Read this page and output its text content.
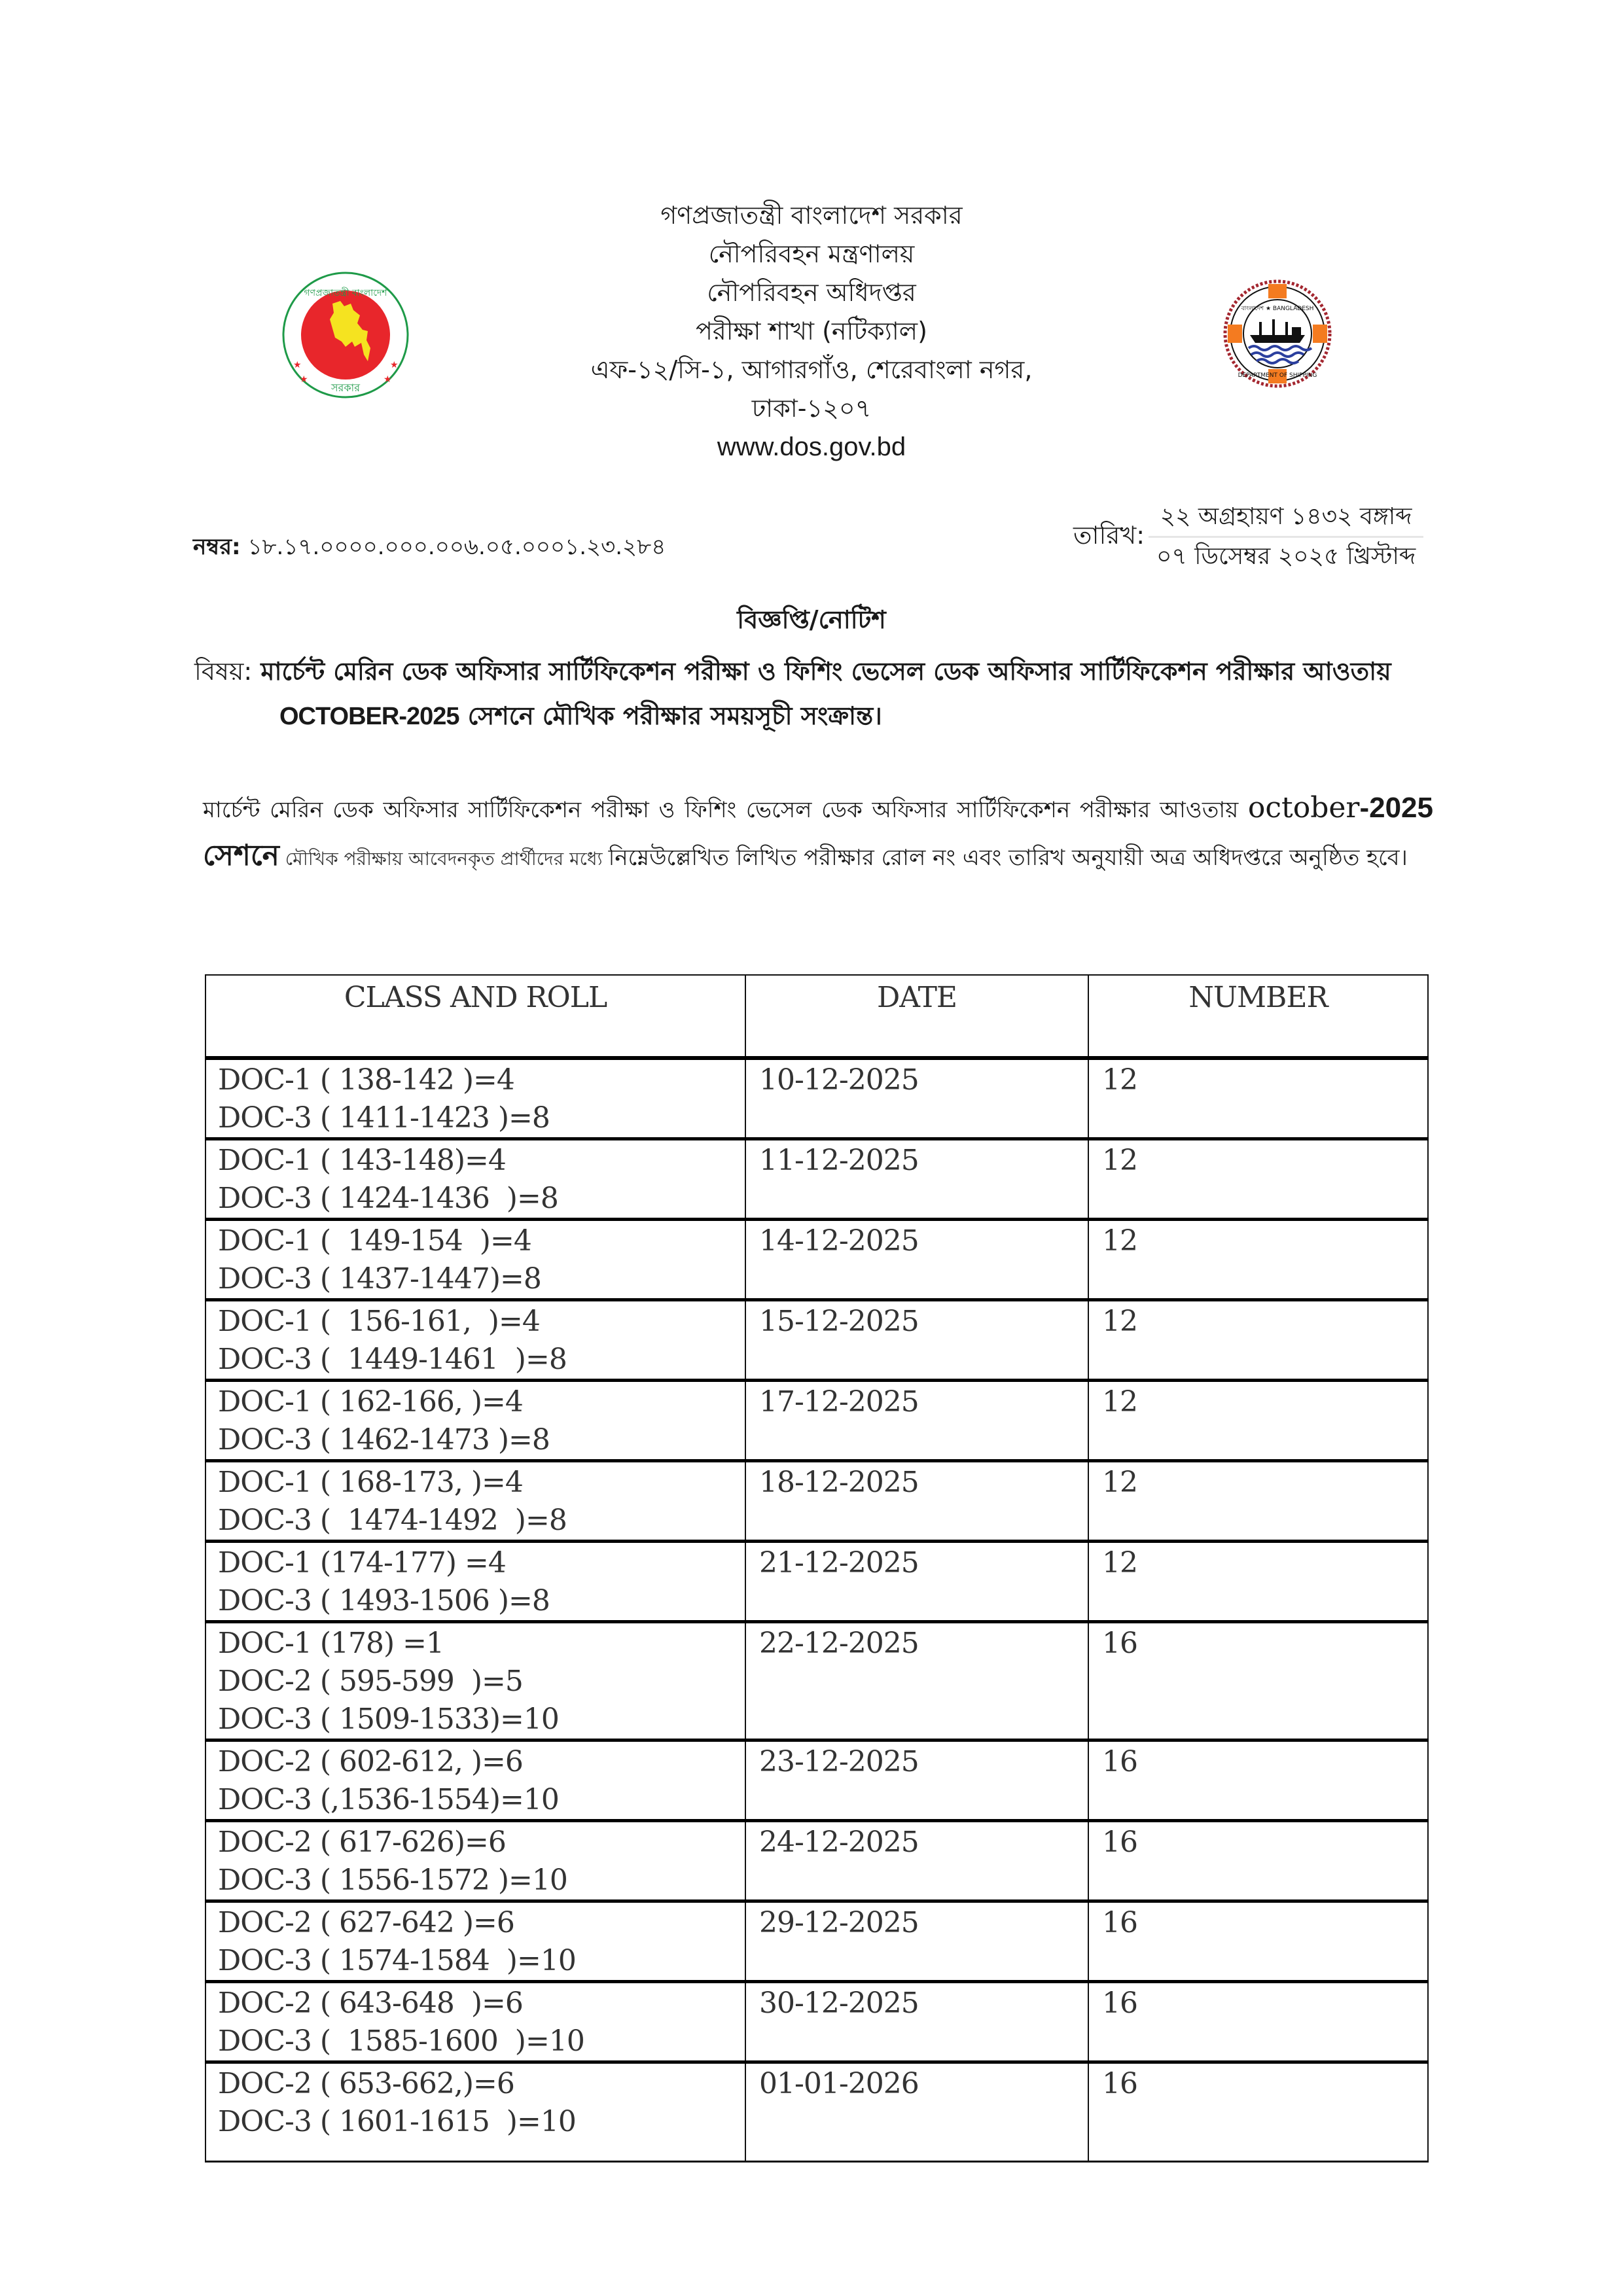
গণপ্রজাতন্ত্রী বাংলাদেশ
সরকার
★	★
★	★
গণপ্রজাতন্ত্রী বাংলাদেশ সরকার
নৌপরিবহন মন্ত্রণালয়
নৌপরিবহন অধিদপ্তর
পরীক্ষা শাখা (নটিক্যাল)
এফ-১২/সি-১, আগারগাঁও, শেরেবাংলা নগর,
ঢাকা-১২০৭
www.dos.gov.bd
বাংলাদেশ ★ BANGLADESH
DEPARTMENT OF SHIPPING
নম্বর: ১৮.১৭.০০০০.০০০.০০৬.০৫.০০০১.২৩.২৮৪	তারিখ:
২২ অগ্রহায়ণ ১৪৩২ বঙ্গাব্দ
০৭ ডিসেম্বর ২০২৫ খ্রিস্টাব্দ
বিজ্ঞপ্তি/নোটিশ
বিষয়: মার্চেন্ট মেরিন ডেক অফিসার সার্টিফিকেশন পরীক্ষা ও ফিশিং ভেসেল ডেক অফিসার সার্টিফিকেশন পরীক্ষার আওতায়
OCTOBER-2025 সেশনে মৌখিক পরীক্ষার সময়সূচী সংক্রান্ত।
মার্চেন্ট মেরিন ডেক অফিসার সার্টিফিকেশন পরীক্ষা ও ফিশিং ভেসেল ডেক অফিসার সার্টিফিকেশন পরীক্ষার আওতায় october-2025 সেশনে মৌখিক পরীক্ষায় আবেদনকৃত প্রার্থীদের মধ্যে নিম্নেউল্লেখিত লিখিত পরীক্ষার রোল নং এবং তারিখ অনুযায়ী অত্র অধিদপ্তরে অনুষ্ঠিত হবে।
CLASS AND ROLL	DATE	NUMBER

DOC-1 ( 138-142 )=4
DOC-3 ( 1411-1423 )=8	10-12-2025	12

DOC-1 ( 143-148)=4
DOC-3 ( 1424-1436  )=8	11-12-2025	12

DOC-1 (  149-154  )=4
DOC-3 ( 1437-1447)=8	14-12-2025	12

DOC-1 (  156-161,  )=4
DOC-3 (  1449-1461  )=8	15-12-2025	12

DOC-1 ( 162-166, )=4
DOC-3 ( 1462-1473 )=8	17-12-2025	12

DOC-1 ( 168-173, )=4
DOC-3 (  1474-1492  )=8	18-12-2025	12

DOC-1 (174-177) =4
DOC-3 ( 1493-1506 )=8	21-12-2025	12

DOC-1 (178) =1
DOC-2 ( 595-599  )=5
DOC-3 ( 1509-1533)=10	22-12-2025	16

DOC-2 ( 602-612, )=6
DOC-3 (,1536-1554)=10	23-12-2025	16

DOC-2 ( 617-626)=6
DOC-3 ( 1556-1572 )=10	24-12-2025	16

DOC-2 ( 627-642 )=6
DOC-3 ( 1574-1584  )=10	29-12-2025	16

DOC-2 ( 643-648  )=6
DOC-3 (  1585-1600  )=10	30-12-2025	16

DOC-2 ( 653-662,)=6
DOC-3 ( 1601-1615  )=10	01-01-2026	16
